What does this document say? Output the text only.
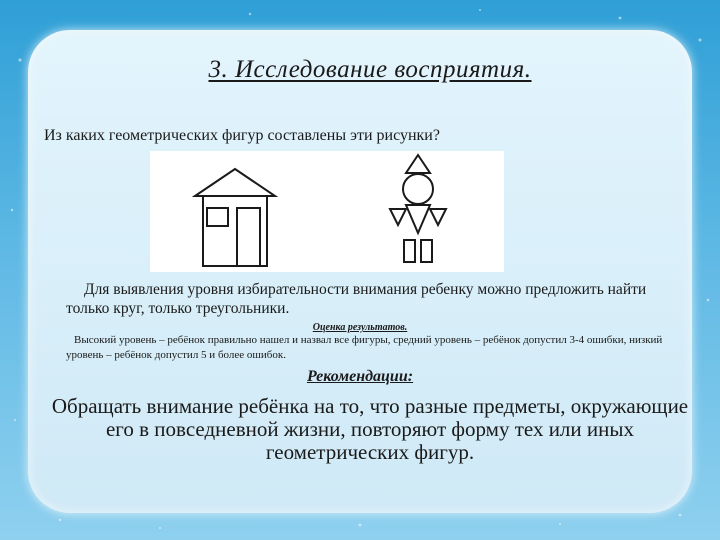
3. Исследование восприятия.
Из каких геометрических фигур составлены эти рисунки?
Для выявления уровня избирательности внимания ребенку можно предложить найти только круг, только треугольники.
Оценка результатов.
Высокий уровень – ребёнок правильно нашел и назвал все фигуры, средний уровень – ребёнок допустил 3-4 ошибки, низкий уровень – ребёнок допустил 5 и более ошибок.
Рекомендации:
Обращать внимание ребёнка на то, что разные предметы, окружающие его в повседневной жизни, повторяют форму тех или иных геометрических фигур.
